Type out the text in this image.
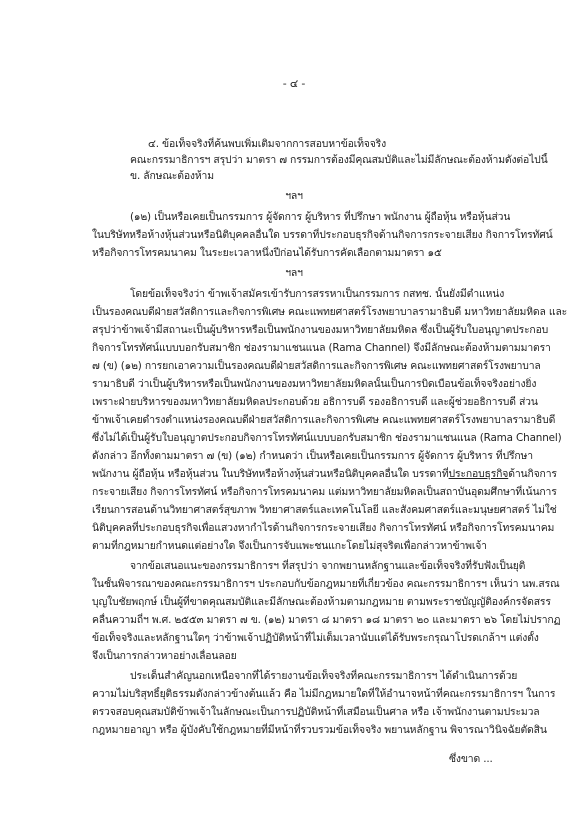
- ๔ -
๔. ข้อเท็จจริงที่ค้นพบเพิ่มเติมจากการสอบหาข้อเท็จจริง
คณะกรรมาธิการฯ สรุปว่า มาตรา ๗ กรรมการต้องมีคุณสมบัติและไม่มีลักษณะต้องห้ามดังต่อไปนี้
ข. ลักษณะต้องห้าม
ฯลฯ
(๑๒) เป็นหรือเคยเป็นกรรมการ ผู้จัดการ ผู้บริหาร ที่ปรึกษา พนักงาน ผู้ถือหุ้น หรือหุ้นส่วน
ในบริษัทหรือห้างหุ้นส่วนหรือนิติบุคคลอื่นใด บรรดาที่ประกอบธุรกิจด้านกิจการกระจายเสียง กิจการโทรทัศน์
หรือกิจการโทรคมนาคม ในระยะเวลาหนึ่งปีก่อนได้รับการคัดเลือกตามมาตรา ๑๕
ฯลฯ
โดยข้อเท็จจริงว่า ข้าพเจ้าสมัครเข้ารับการสรรหาเป็นกรรมการ กสทช. นั้นยังมีตำแหน่ง
เป็นรองคณบดีฝ่ายสวัสดิการและกิจการพิเศษ คณะแพทยศาสตร์โรงพยาบาลรามาธิบดี มหาวิทยาลัยมหิดล และ
สรุปว่าข้าพเจ้ามีสถานะเป็นผู้บริหารหรือเป็นพนักงานของมหาวิทยาลัยมหิดล ซึ่งเป็นผู้รับใบอนุญาตประกอบ
กิจการโทรทัศน์แบบบอกรับสมาชิก ช่องรามาแชนแนล (Rama Channel) จึงมีลักษณะต้องห้ามตามมาตรา
๗ (ข) (๑๒) การยกเอาความเป็นรองคณบดีฝ่ายสวัสดิการและกิจการพิเศษ คณะแพทยศาสตร์โรงพยาบาล
รามาธิบดี ว่าเป็นผู้บริหารหรือเป็นพนักงานของมหาวิทยาลัยมหิดลนั้นเป็นการบิดเบือนข้อเท็จจริงอย่างยิ่ง
เพราะฝ่ายบริหารของมหาวิทยาลัยมหิดลประกอบด้วย อธิการบดี รองอธิการบดี และผู้ช่วยอธิการบดี ส่วน
ข้าพเจ้าเคยดำรงตำแหน่งรองคณบดีฝ่ายสวัสดิการและกิจการพิเศษ คณะแพทยศาสตร์โรงพยาบาลรามาธิบดี
ซึ่งไม่ได้เป็นผู้รับใบอนุญาตประกอบกิจการโทรทัศน์แบบบอกรับสมาชิก ช่องรามาแชนแนล (Rama Channel)
ดังกล่าว อีกทั้งตามมาตรา ๗ (ข) (๑๒) กำหนดว่า เป็นหรือเคยเป็นกรรมการ ผู้จัดการ ผู้บริหาร ที่ปรึกษา
พนักงาน ผู้ถือหุ้น หรือหุ้นส่วน ในบริษัทหรือห้างหุ้นส่วนหรือนิติบุคคลอื่นใด บรรดาที่ประกอบธุรกิจด้านกิจการ
กระจายเสียง กิจการโทรทัศน์ หรือกิจการโทรคมนาคม แต่มหาวิทยาลัยมหิดลเป็นสถาบันอุดมศึกษาที่เน้นการ
เรียนการสอนด้านวิทยาศาสตร์สุขภาพ วิทยาศาสตร์และเทคโนโลยี และสังคมศาสตร์และมนุษยศาสตร์ ไม่ใช่
นิติบุคคลที่ประกอบธุรกิจเพื่อแสวงหากำไรด้านกิจการกระจายเสียง กิจการโทรทัศน์ หรือกิจการโทรคมนาคม
ตามที่กฎหมายกำหนดแต่อย่างใด จึงเป็นการจับแพะชนแกะโดยไม่สุจริตเพื่อกล่าวหาข้าพเจ้า
จากข้อเสนอแนะของกรรมาธิการฯ ที่สรุปว่า จากพยานหลักฐานและข้อเท็จจริงที่รับฟังเป็นยุติ
ในชั้นพิจารณาของคณะกรรมาธิการฯ ประกอบกับข้อกฎหมายที่เกี่ยวข้อง คณะกรรมาธิการฯ เห็นว่า นพ.สรณ
บุญใบชัยพฤกษ์ เป็นผู้ที่ขาดคุณสมบัติและมีลักษณะต้องห้ามตามกฎหมาย ตามพระราชบัญญัติองค์กรจัดสรร
คลื่นความถี่ฯ พ.ศ. ๒๕๕๓ มาตรา ๗ ข. (๑๒) มาตรา ๘ มาตรา ๑๘ มาตรา ๒๐ และมาตรา ๒๖ โดยไม่ปรากฏ
ข้อเท็จจริงและหลักฐานใดๆ ว่าข้าพเจ้าปฏิบัติหน้าที่ไม่เต็มเวลานับแต่ได้รับพระกรุณาโปรดเกล้าฯ แต่งตั้ง
จึงเป็นการกล่าวหาอย่างเลื่อนลอย
ประเด็นสำคัญนอกเหนือจากที่ได้รายงานข้อเท็จจริงที่คณะกรรมาธิการฯ ได้ดำเนินการด้วย
ความไม่บริสุทธิ์ยุติธรรมดังกล่าวข้างต้นแล้ว คือ ไม่มีกฎหมายใดที่ให้อำนาจหน้าที่คณะกรรมาธิการฯ ในการ
ตรวจสอบคุณสมบัติข้าพเจ้าในลักษณะเป็นการปฏิบัติหน้าที่เสมือนเป็นศาล หรือ เจ้าพนักงานตามประมวล
กฎหมายอาญา หรือ ผู้บังคับใช้กฎหมายที่มีหน้าที่รวบรวมข้อเท็จจริง พยานหลักฐาน พิจารณาวินิจฉัยตัดสิน
ซึ่งขาด ...
